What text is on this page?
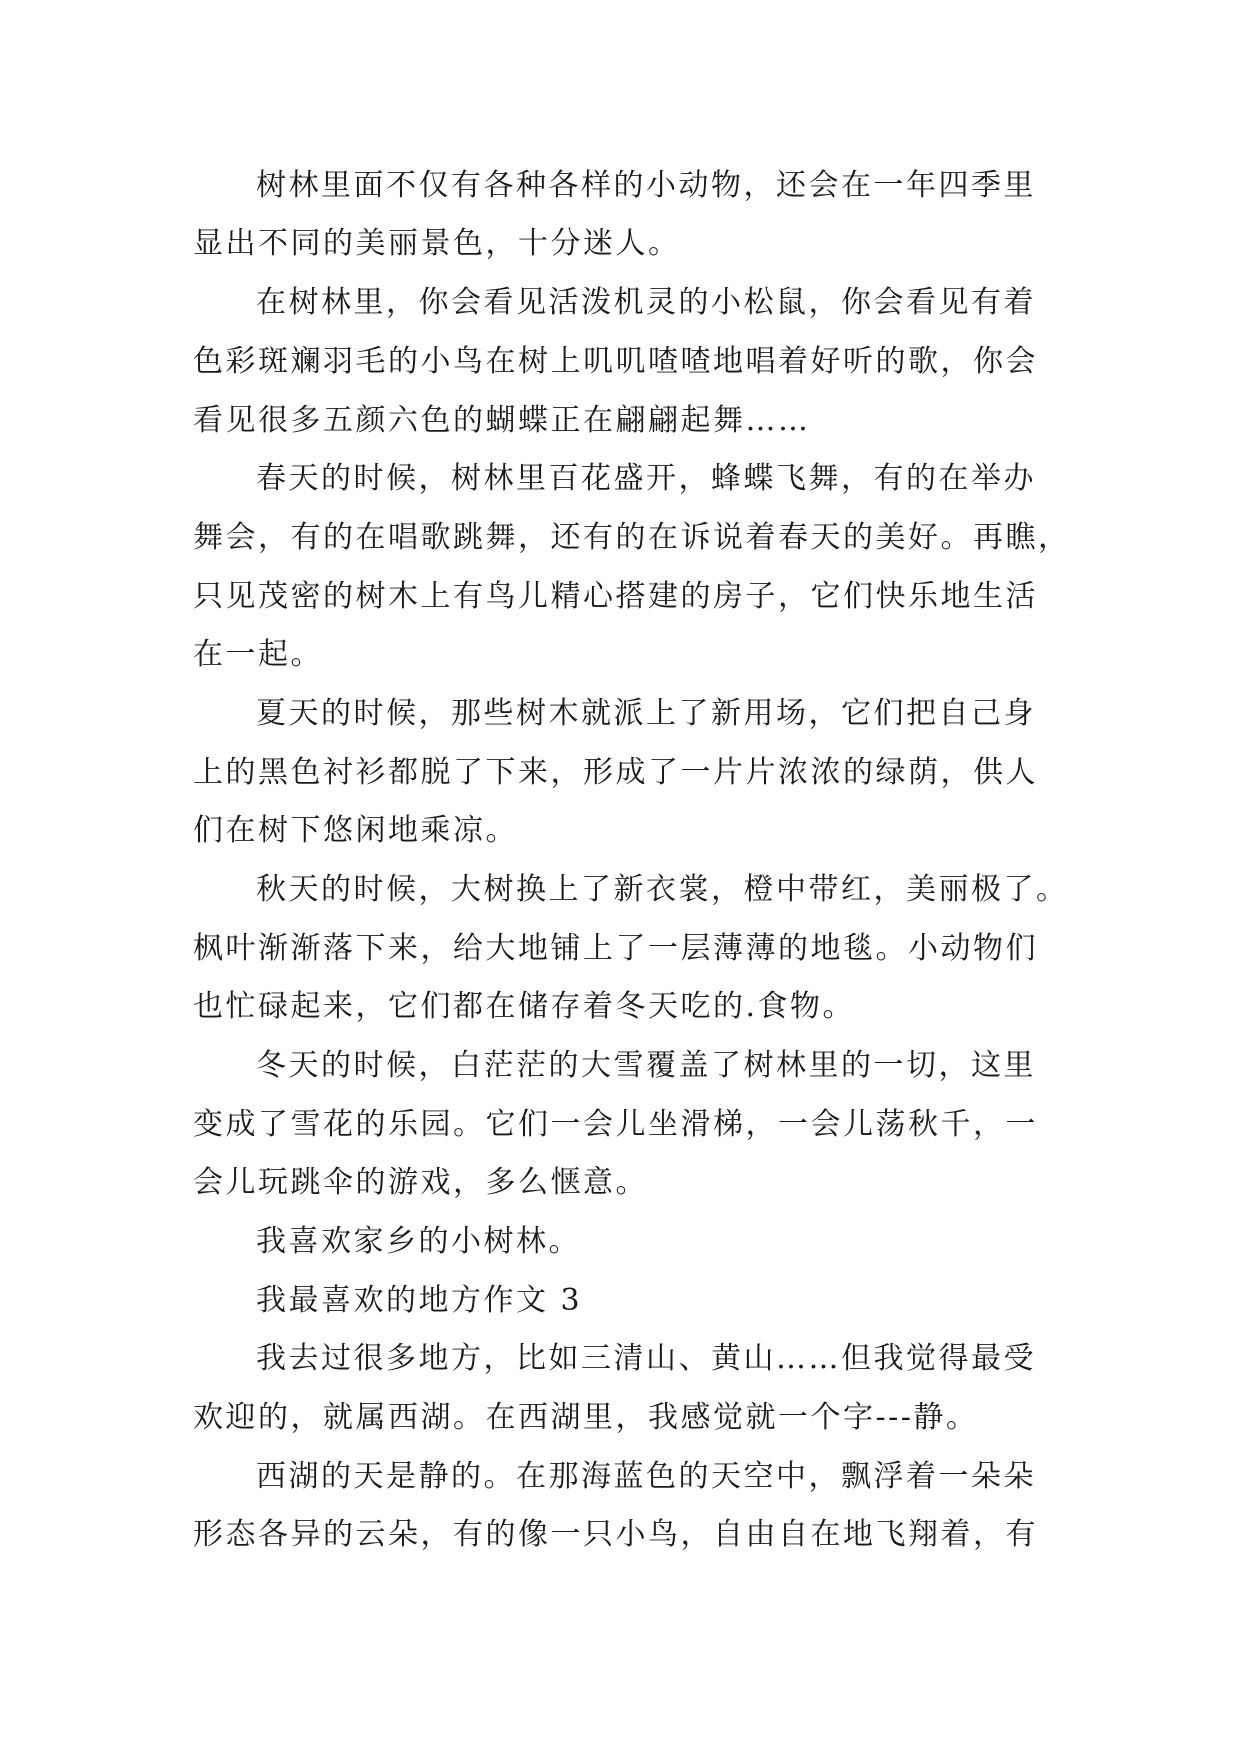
树林里面不仅有各种各样的小动物，还会在一年四季里
显出不同的美丽景色，十分迷人。
在树林里，你会看见活泼机灵的小松鼠，你会看见有着
色彩斑斓羽毛的小鸟在树上叽叽喳喳地唱着好听的歌，你会
看见很多五颜六色的蝴蝶正在翩翩起舞……
春天的时候，树林里百花盛开，蜂蝶飞舞，有的在举办
舞会，有的在唱歌跳舞，还有的在诉说着春天的美好。再瞧，
只见茂密的树木上有鸟儿精心搭建的房子，它们快乐地生活
在一起。
夏天的时候，那些树木就派上了新用场，它们把自己身
上的黑色衬衫都脱了下来，形成了一片片浓浓的绿荫，供人
们在树下悠闲地乘凉。
秋天的时候，大树换上了新衣裳，橙中带红，美丽极了。
枫叶渐渐落下来，给大地铺上了一层薄薄的地毯。小动物们
也忙碌起来，它们都在储存着冬天吃的.食物。
冬天的时候，白茫茫的大雪覆盖了树林里的一切，这里
变成了雪花的乐园。它们一会儿坐滑梯，一会儿荡秋千，一
会儿玩跳伞的游戏，多么惬意。
我喜欢家乡的小树林。
我最喜欢的地方作文 3
我去过很多地方，比如三清山、黄山……但我觉得最受
欢迎的，就属西湖。在西湖里，我感觉就一个字---静。
西湖的天是静的。在那海蓝色的天空中，飘浮着一朵朵
形态各异的云朵，有的像一只小鸟，自由自在地飞翔着，有
